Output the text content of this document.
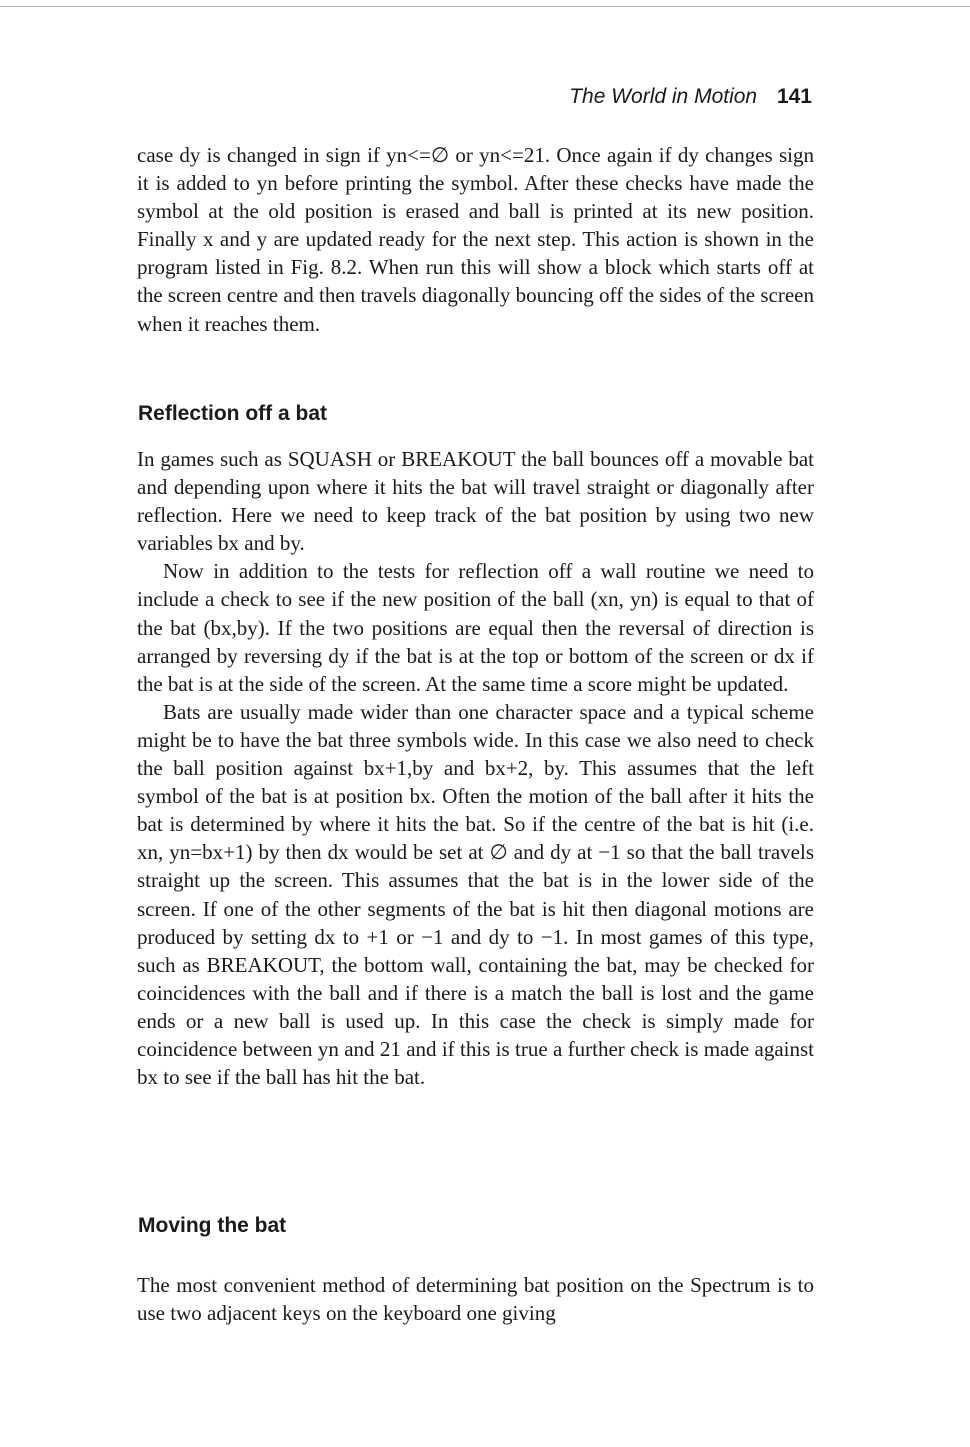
The World in Motion 141

case dy is changed in sign if yn<=∅ or yn<=21. Once again if dy changes sign it is added to yn before printing the symbol. After these checks have made the symbol at the old position is erased and ball is printed at its new position. Finally x and y are updated ready for the next step. This action is shown in the program listed in Fig. 8.2. When run this will show a block which starts off at the screen centre and then travels diagonally bouncing off the sides of the screen when it reaches them.

Reflection off a bat

In games such as SQUASH or BREAKOUT the ball bounces off a movable bat and depending upon where it hits the bat will travel straight or diagonally after reflection. Here we need to keep track of the bat position by using two new variables bx and by.

Now in addition to the tests for reflection off a wall routine we need to include a check to see if the new position of the ball (xn, yn) is equal to that of the bat (bx,by). If the two positions are equal then the reversal of direction is arranged by reversing dy if the bat is at the top or bottom of the screen or dx if the bat is at the side of the screen. At the same time a score might be updated.

Bats are usually made wider than one character space and a typical scheme might be to have the bat three symbols wide. In this case we also need to check the ball position against bx+1,by and bx+2, by. This assumes that the left symbol of the bat is at position bx. Often the motion of the ball after it hits the bat is determined by where it hits the bat. So if the centre of the bat is hit (i.e. xn, yn=bx+1) by then dx would be set at ∅ and dy at −1 so that the ball travels straight up the screen. This assumes that the bat is in the lower side of the screen. If one of the other segments of the bat is hit then diagonal motions are produced by setting dx to +1 or −1 and dy to −1. In most games of this type, such as BREAKOUT, the bottom wall, containing the bat, may be checked for coincidences with the ball and if there is a match the ball is lost and the game ends or a new ball is used up. In this case the check is simply made for coincidence between yn and 21 and if this is true a further check is made against bx to see if the ball has hit the bat.

Moving the bat

The most convenient method of determining bat position on the Spectrum is to use two adjacent keys on the keyboard one giving
